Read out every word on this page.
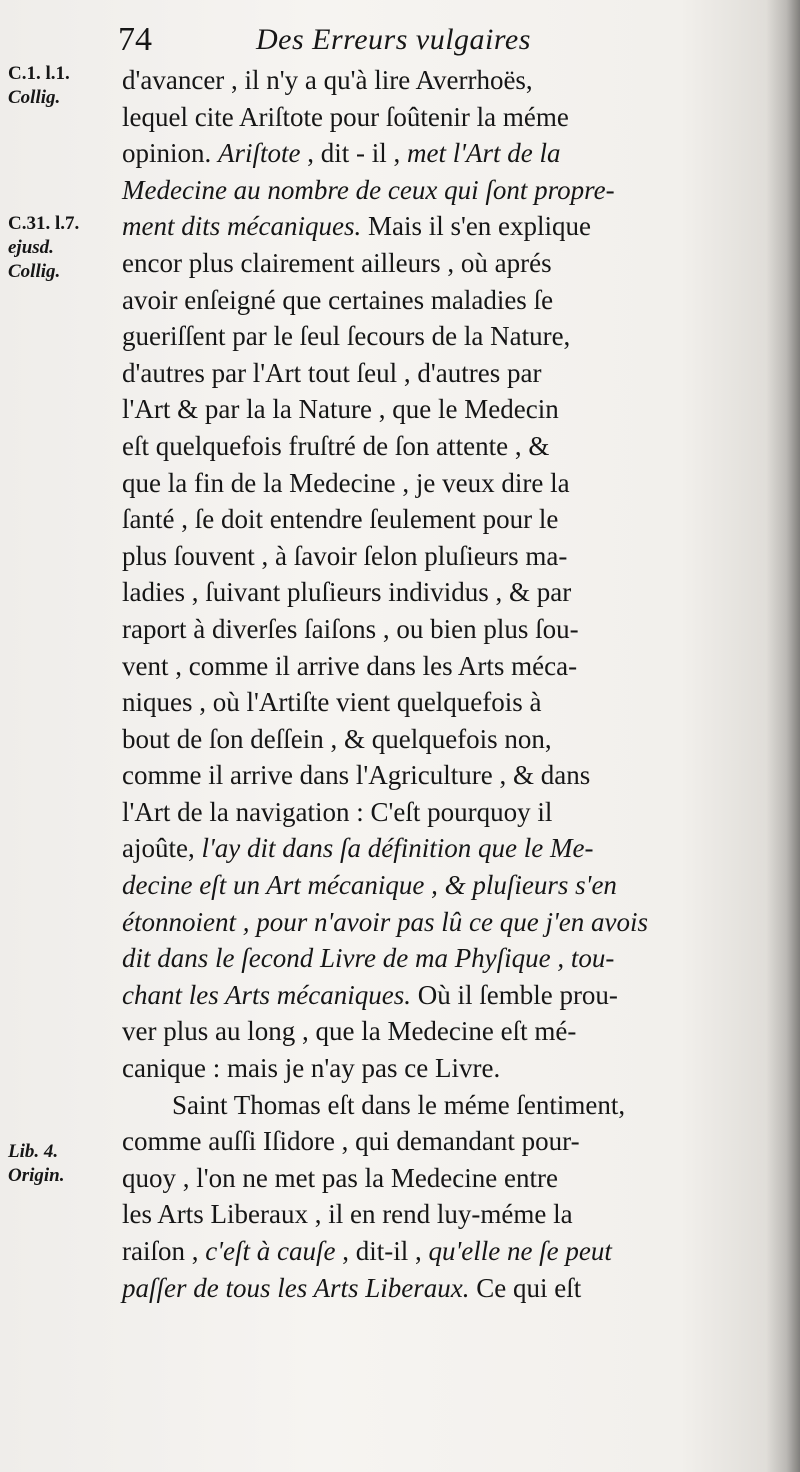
74	Des Erreurs vulgaires
C.1. l.1.
Collig.
C.31. l.7.
ejusd.
Collig.
Lib. 4.
Origin.
d'avancer , il n'y a qu'à lire Averrhoës,
lequel cite Ariſtote pour ſoûtenir la méme
opinion. Ariſtote , dit - il , met l'Art de la
Medecine au nombre de ceux qui ſont propre-
ment dits mécaniques. Mais il s'en explique
encor plus clairement ailleurs , où aprés
avoir enſeigné que certaines maladies ſe
gueriſſent par le ſeul ſecours de la Nature,
d'autres par l'Art tout ſeul , d'autres par
l'Art & par la la Nature , que le Medecin
eſt quelquefois fruſtré de ſon attente , &
que la fin de la Medecine , je veux dire la
ſanté , ſe doit entendre ſeulement pour le
plus ſouvent , à ſavoir ſelon pluſieurs ma-
ladies , ſuivant pluſieurs individus , & par
raport à diverſes ſaiſons , ou bien plus ſou-
vent , comme il arrive dans les Arts méca-
niques , où l'Artiſte vient quelquefois à
bout de ſon deſſein , & quelquefois non,
comme il arrive dans l'Agriculture , & dans
l'Art de la navigation : C'eſt pourquoy il
ajoûte, l'ay dit dans ſa définition que le Me-
decine eſt un Art mécanique , & pluſieurs s'en
étonnoient , pour n'avoir pas lû ce que j'en avois
dit dans le ſecond Livre de ma Phyſique , tou-
chant les Arts mécaniques. Où il ſemble prou-
ver plus au long , que la Medecine eſt mé-
canique : mais je n'ay pas ce Livre.
Saint Thomas eſt dans le méme ſentiment,
comme auſſi Iſidore , qui demandant pour-
quoy , l'on ne met pas la Medecine entre
les Arts Liberaux , il en rend luy-méme la
raiſon , c'eſt à cauſe , dit-il , qu'elle ne ſe peut
paſſer de tous les Arts Liberaux. Ce qui eſt
